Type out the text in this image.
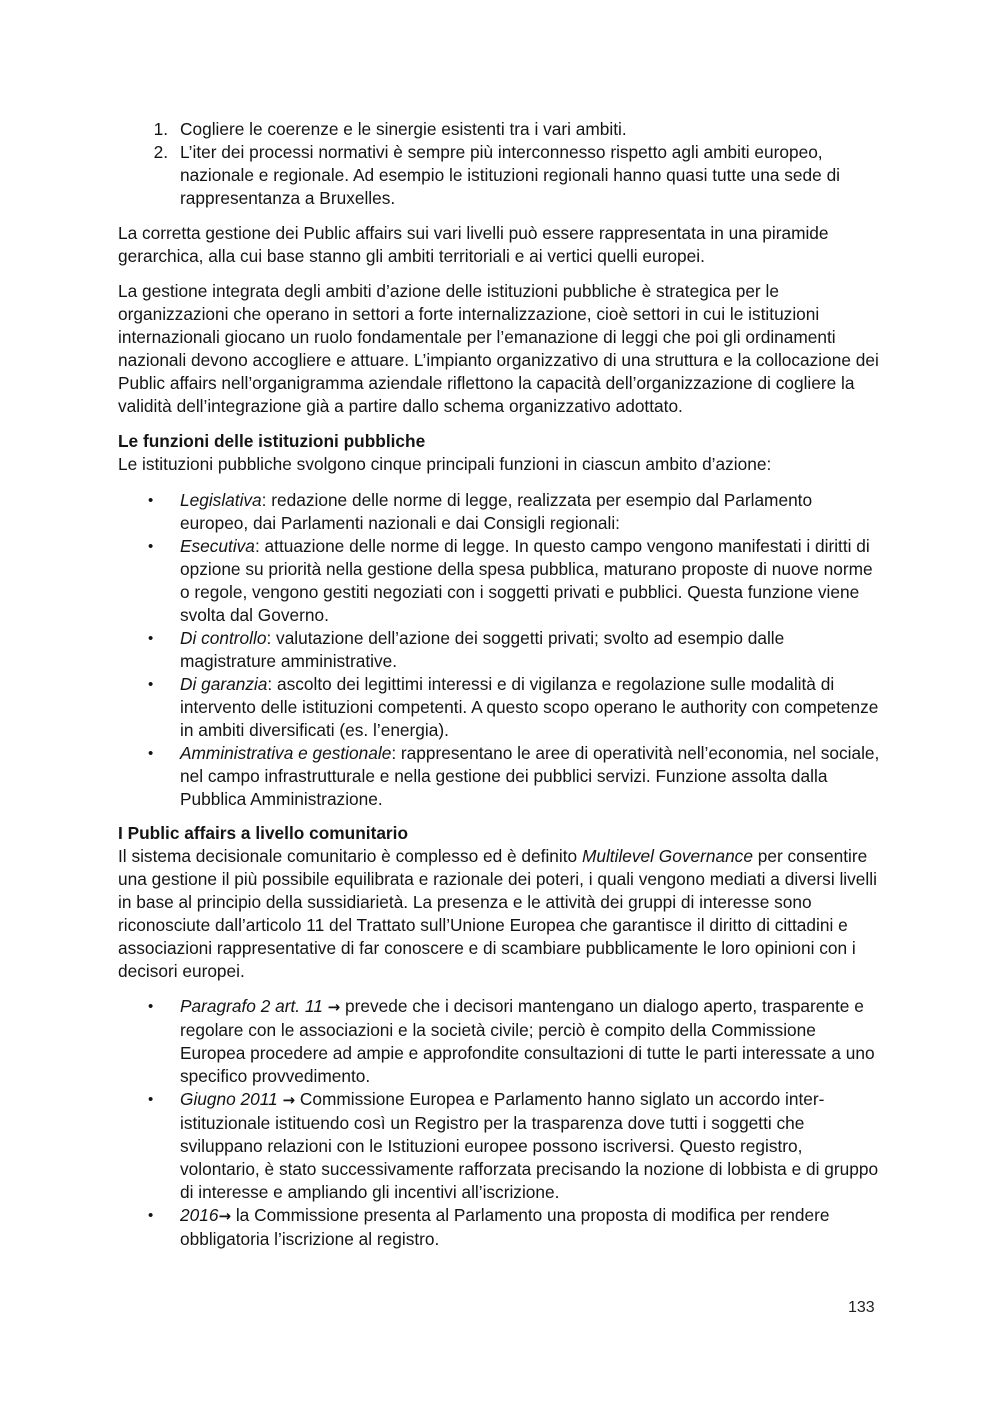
1. Cogliere le coerenze e le sinergie esistenti tra i vari ambiti.
2. L’iter dei processi normativi è sempre più interconnesso rispetto agli ambiti europeo, nazionale e regionale. Ad esempio le istituzioni regionali hanno quasi tutte una sede di rappresentanza a Bruxelles.

La corretta gestione dei Public affairs sui vari livelli può essere rappresentata in una piramide gerarchica, alla cui base stanno gli ambiti territoriali e ai vertici quelli europei.

La gestione integrata degli ambiti d’azione delle istituzioni pubbliche è strategica per le organizzazioni che operano in settori a forte internalizzazione, cioè settori in cui le istituzioni internazionali giocano un ruolo fondamentale per l’emanazione di leggi che poi gli ordinamenti nazionali devono accogliere e attuare. L’impianto organizzativo di una struttura e la collocazione dei Public affairs nell’organigramma aziendale riflettono la capacità dell’organizzazione di cogliere la validità dell’integrazione già a partire dallo schema organizzativo adottato.

Le funzioni delle istituzioni pubbliche
Le istituzioni pubbliche svolgono cinque principali funzioni in ciascun ambito d’azione:
• Legislativa: redazione delle norme di legge, realizzata per esempio dal Parlamento europeo, dai Parlamenti nazionali e dai Consigli regionali:
• Esecutiva: attuazione delle norme di legge. In questo campo vengono manifestati i diritti di opzione su priorità nella gestione della spesa pubblica, maturano proposte di nuove norme o regole, vengono gestiti negoziati con i soggetti privati e pubblici. Questa funzione viene svolta dal Governo.
• Di controllo: valutazione dell’azione dei soggetti privati; svolto ad esempio dalle magistrature amministrative.
• Di garanzia: ascolto dei legittimi interessi e di vigilanza e regolazione sulle modalità di intervento delle istituzioni competenti. A questo scopo operano le authority con competenze in ambiti diversificati (es. l’energia).
• Amministrativa e gestionale: rappresentano le aree di operatività nell’economia, nel sociale, nel campo infrastrutturale e nella gestione dei pubblici servizi. Funzione assolta dalla Pubblica Amministrazione.
I Public affairs a livello comunitario

Il sistema decisionale comunitario è complesso ed è definito Multilevel Governance per consentire una gestione il più possibile equilibrata e razionale dei poteri, i quali vengono mediati a diversi livelli in base al principio della sussidiarietà. La presenza e le attività dei gruppi di interesse sono riconosciute dall’articolo 11 del Trattato sull’Unione Europea che garantisce il diritto di cittadini e associazioni rappresentative di far conoscere e di scambiare pubblicamente le loro opinioni con i decisori europei.

• Paragrafo 2 art. 11 → prevede che i decisori mantengano un dialogo aperto, trasparente e regolare con le associazioni e la società civile; perciò è compito della Commissione Europea procedere ad ampie e approfondite consultazioni di tutte le parti interessate a uno specifico provvedimento.
• Giugno 2011 → Commissione Europea e Parlamento hanno siglato un accordo inter-istituzionale istituendo così un Registro per la trasparenza dove tutti i soggetti che sviluppano relazioni con le Istituzioni europee possono iscriversi. Questo registro, volontario, è stato successivamente rafforzata precisando la nozione di lobbista e di gruppo di interesse e ampliando gli incentivi all’iscrizione.
• 2016→ la Commissione presenta al Parlamento una proposta di modifica per rendere obbligatoria l’iscrizione al registro.
133
